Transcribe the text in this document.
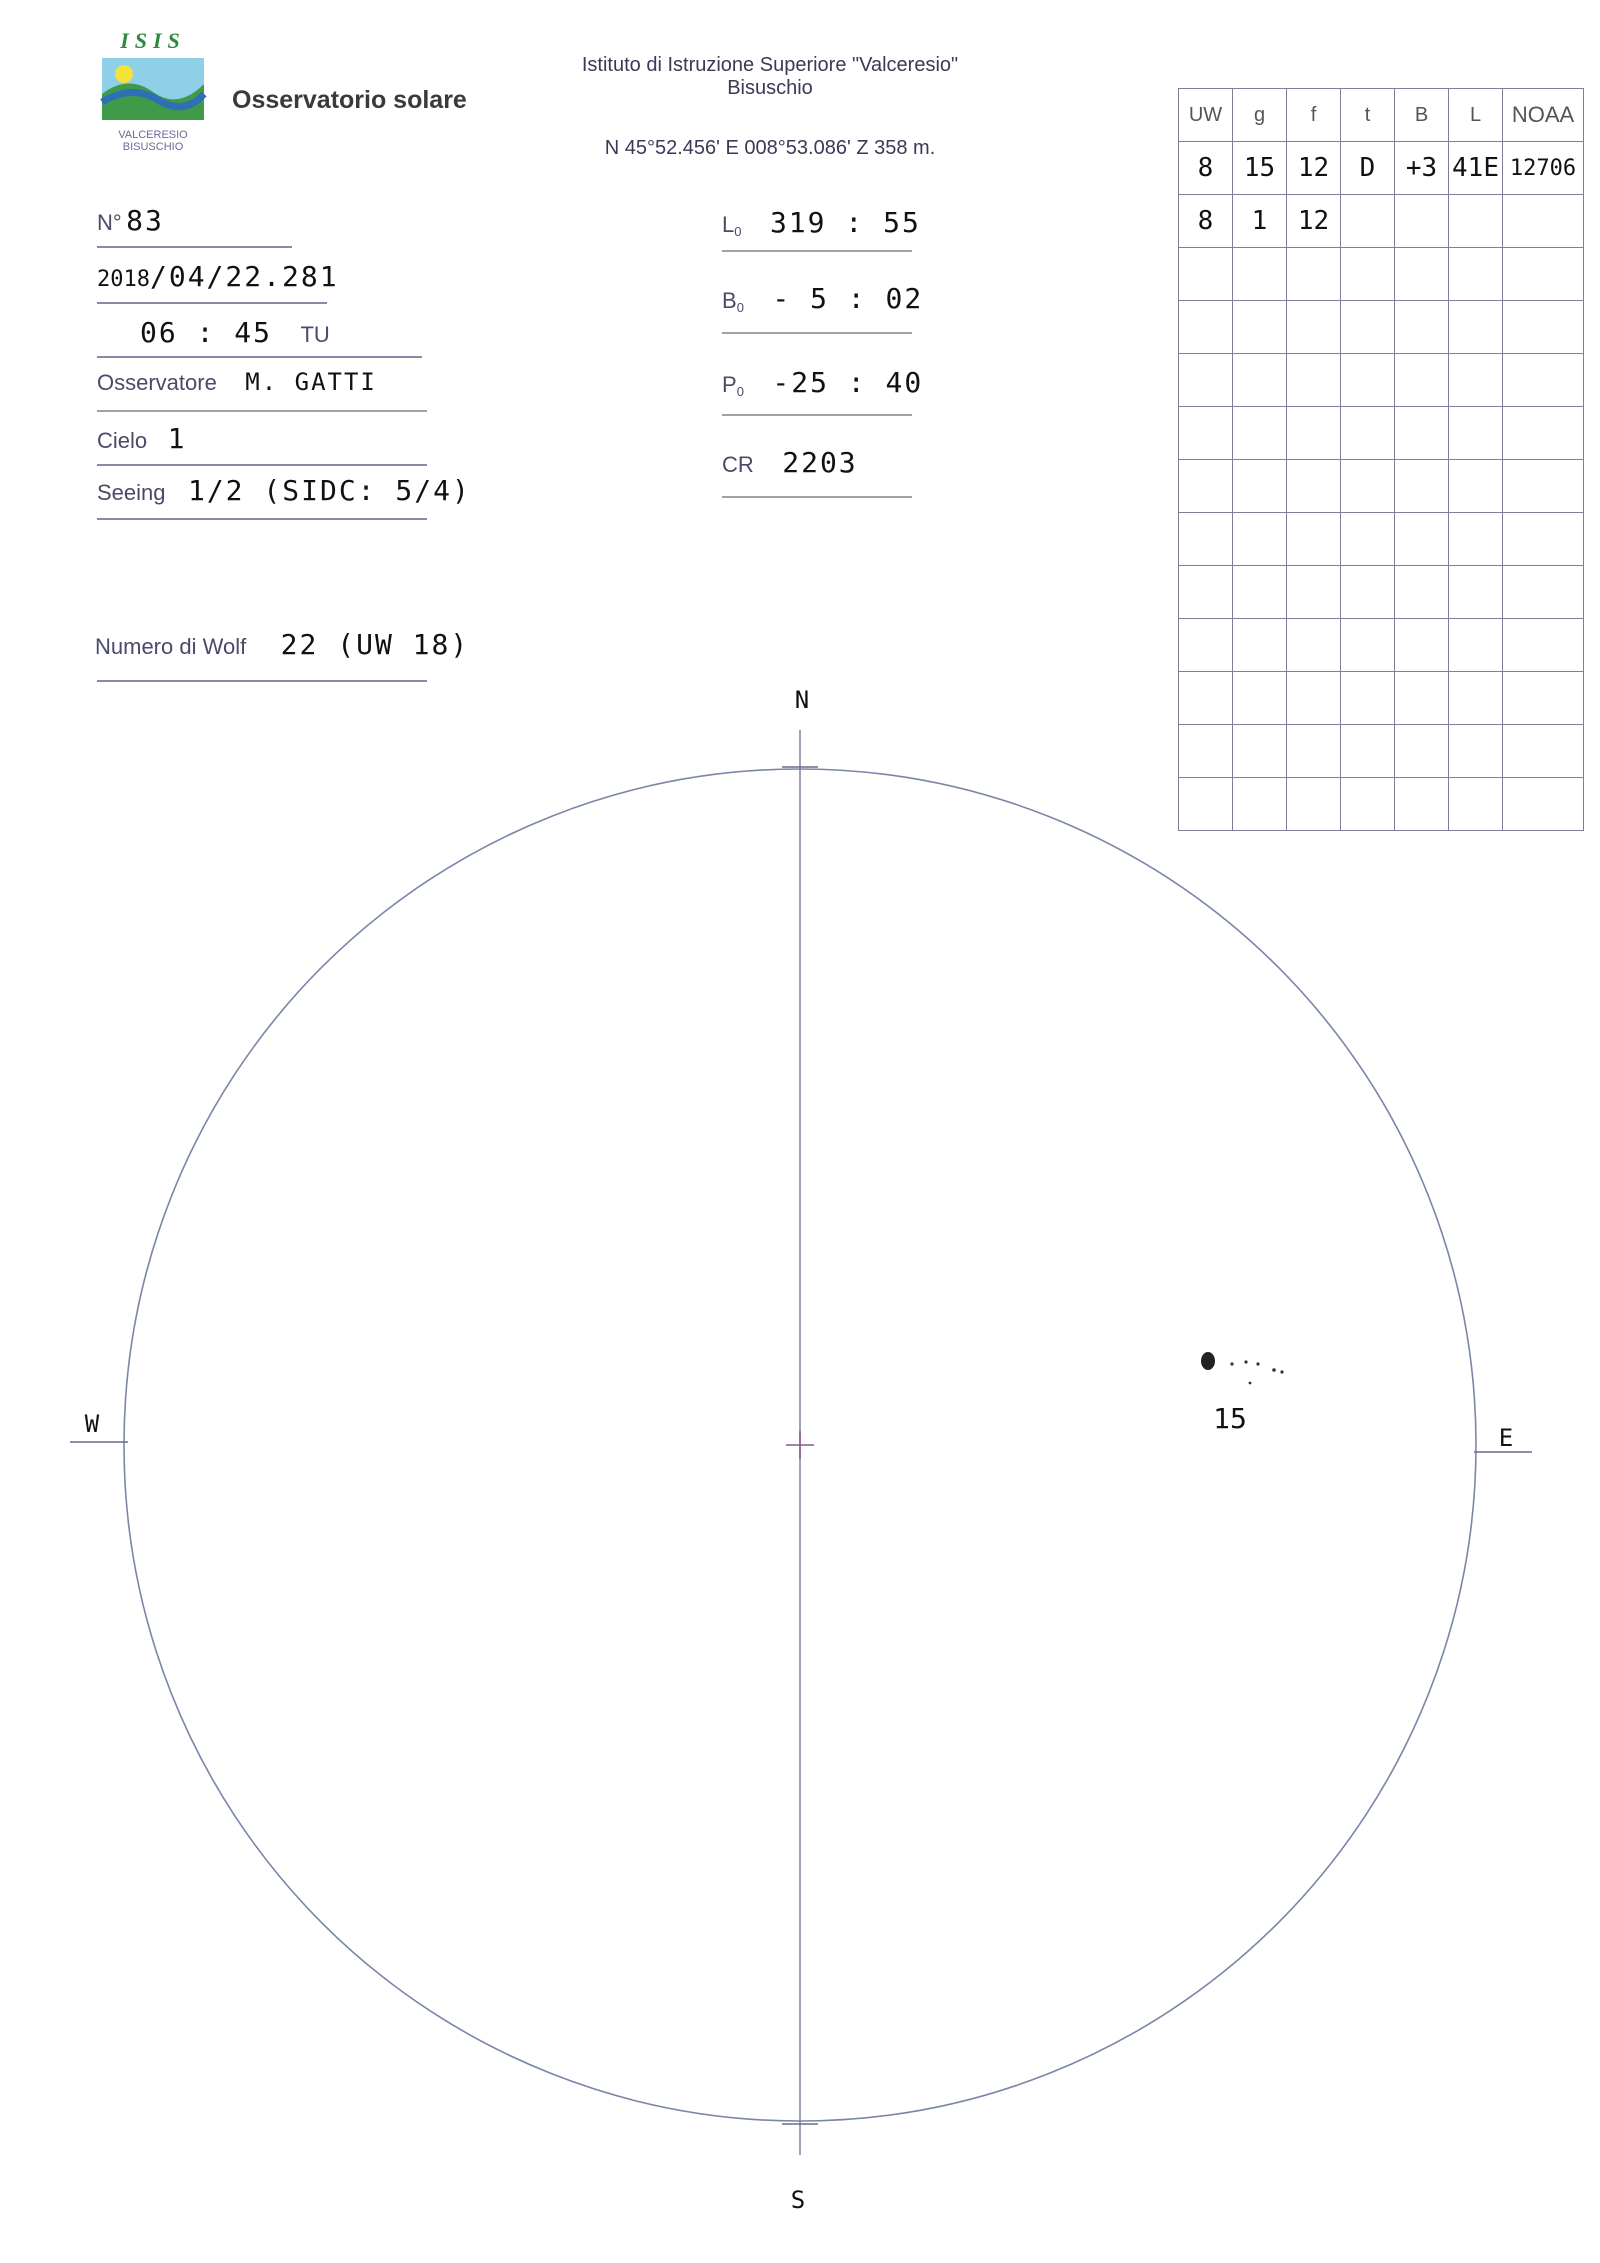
ISIS
VALCERESIO
BISUSCHIO
Osservatorio solare
Istituto di Istruzione Superiore "Valceresio"
Bisuschio
N 45°52.456' E 008°53.086' Z 358 m.
N° 83
2018/04/22.281
06 : 45 TU
Osservatore M. GATTI
Cielo 1
Seeing 1/2 (SIDC: 5/4)
Numero di Wolf 22 (UW 18)
$L_0$ 319 : 55
$B_0 - 5$ : 02
$P_0$ -25 : 40
CR 2203
UW	g	f	t	B	L	NOAA
8	15	12	D	+3	41E	12706
8	1	12				

N
S
W	E
15
